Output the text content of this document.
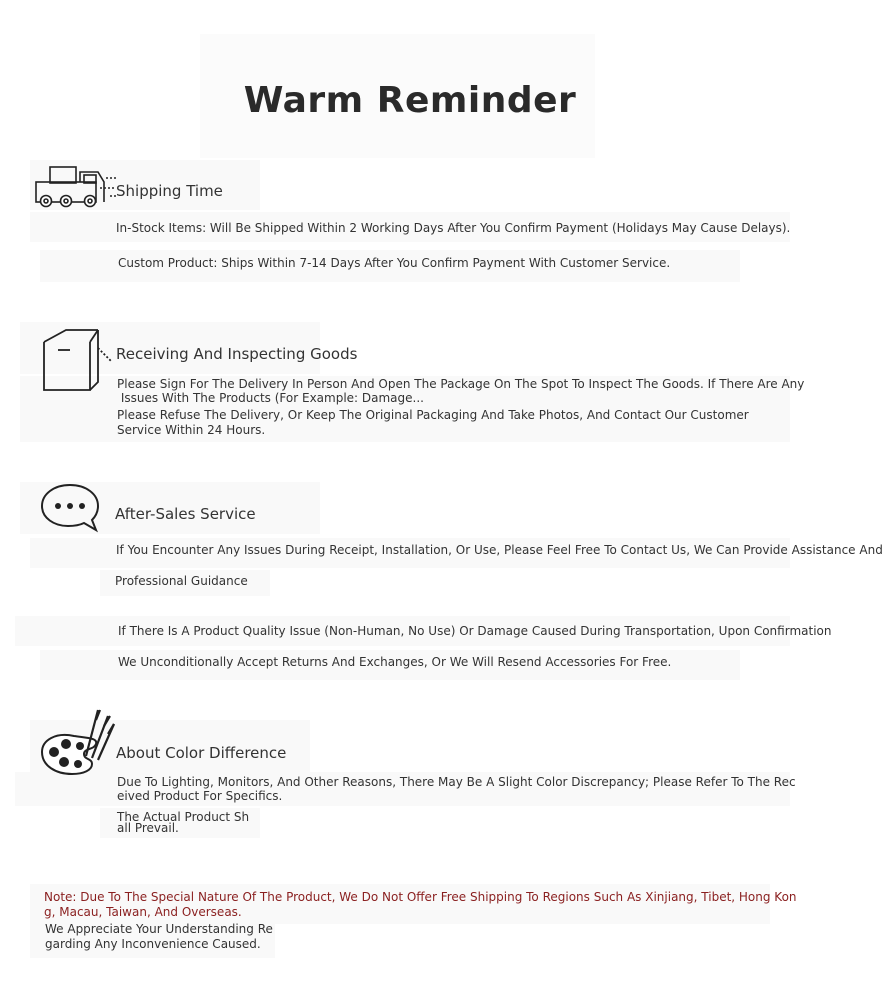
Warm Reminder
Shipping Time
In-Stock Items: Will Be Shipped Within 2 Working Days After You Confirm Payment (Holidays May Cause Delays).
Custom Product: Ships Within 7-14 Days After You Confirm Payment With Customer Service.
Receiving And Inspecting Goods
Please Sign For The Delivery In Person And Open The Package On The Spot To Inspect The Goods. If There Are Any
Issues With The Products (For Example: Damage...
Please Refuse The Delivery, Or Keep The Original Packaging And Take Photos, And Contact Our Customer
Service Within 24 Hours.
After-Sales Service
If You Encounter Any Issues During Receipt, Installation, Or Use, Please Feel Free To Contact Us, We Can Provide Assistance And
Professional Guidance
If There Is A Product Quality Issue (Non-Human, No Use) Or Damage Caused During Transportation, Upon Confirmation
We Unconditionally Accept Returns And Exchanges, Or We Will Resend Accessories For Free.
About Color Difference
Due To Lighting, Monitors, And Other Reasons, There May Be A Slight Color Discrepancy; Please Refer To The Rec
eived Product For Specifics.
The Actual Product Sh
all Prevail.
Note: Due To The Special Nature Of The Product, We Do Not Offer Free Shipping To Regions Such As Xinjiang, Tibet, Hong Kon
g, Macau, Taiwan, And Overseas.
We Appreciate Your Understanding Re
garding Any Inconvenience Caused.
